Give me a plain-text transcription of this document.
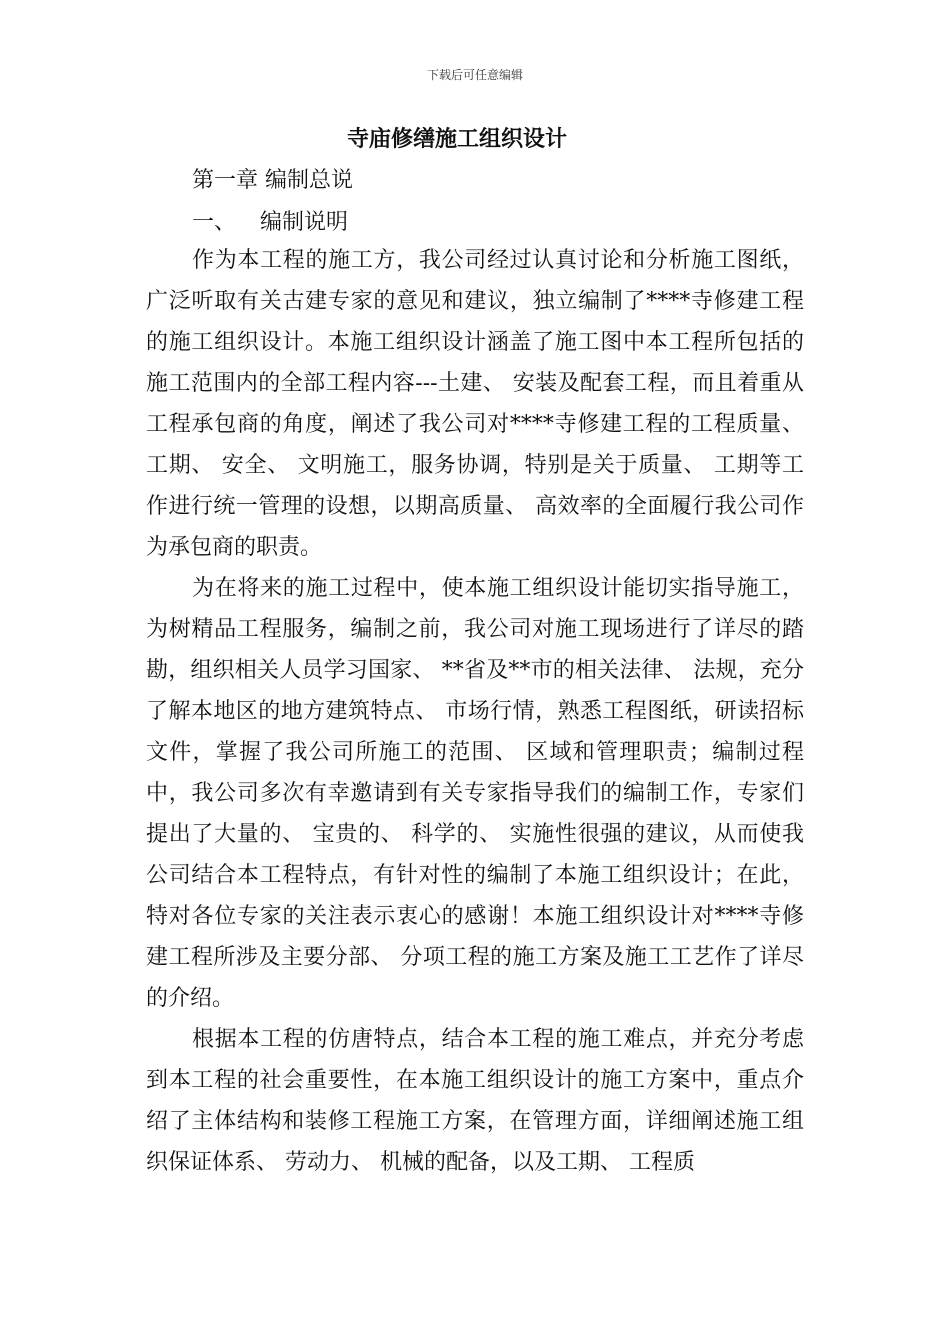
下载后可任意编辑
寺庙修缮施工组织设计
第一章 编制总说
一、 编制说明

作为本工程的施工方，我公司经过认真讨论和分析施工图纸，广泛听取有关古建专家的意见和建议，独立编制了****寺修建工程的施工组织设计。本施工组织设计涵盖了施工图中本工程所包括的施工范围内的全部工程内容---土建、 安装及配套工程，而且着重从工程承包商的角度，阐述了我公司对****寺修建工程的工程质量、 工期、 安全、 文明施工，服务协调，特别是关于质量、 工期等工作进行统一管理的设想，以期高质量、 高效率的全面履行我公司作为承包商的职责。

为在将来的施工过程中，使本施工组织设计能切实指导施工，为树精品工程服务，编制之前，我公司对施工现场进行了详尽的踏勘，组织相关人员学习国家、 **省及**市的相关法律、 法规，充分了解本地区的地方建筑特点、 市场行情，熟悉工程图纸，研读招标文件，掌握了我公司所施工的范围、 区域和管理职责；编制过程中，我公司多次有幸邀请到有关专家指导我们的编制工作，专家们提出了大量的、 宝贵的、 科学的、 实施性很强的建议，从而使我公司结合本工程特点，有针对性的编制了本施工组织设计；在此，特对各位专家的关注表示衷心的感谢！本施工组织设计对****寺修建工程所涉及主要分部、 分项工程的施工方案及施工工艺作了详尽的介绍。

根据本工程的仿唐特点，结合本工程的施工难点，并充分考虑到本工程的社会重要性，在本施工组织设计的施工方案中，重点介绍了主体结构和装修工程施工方案，在管理方面，详细阐述施工组织保证体系、 劳动力、 机械的配备，以及工期、 工程质
